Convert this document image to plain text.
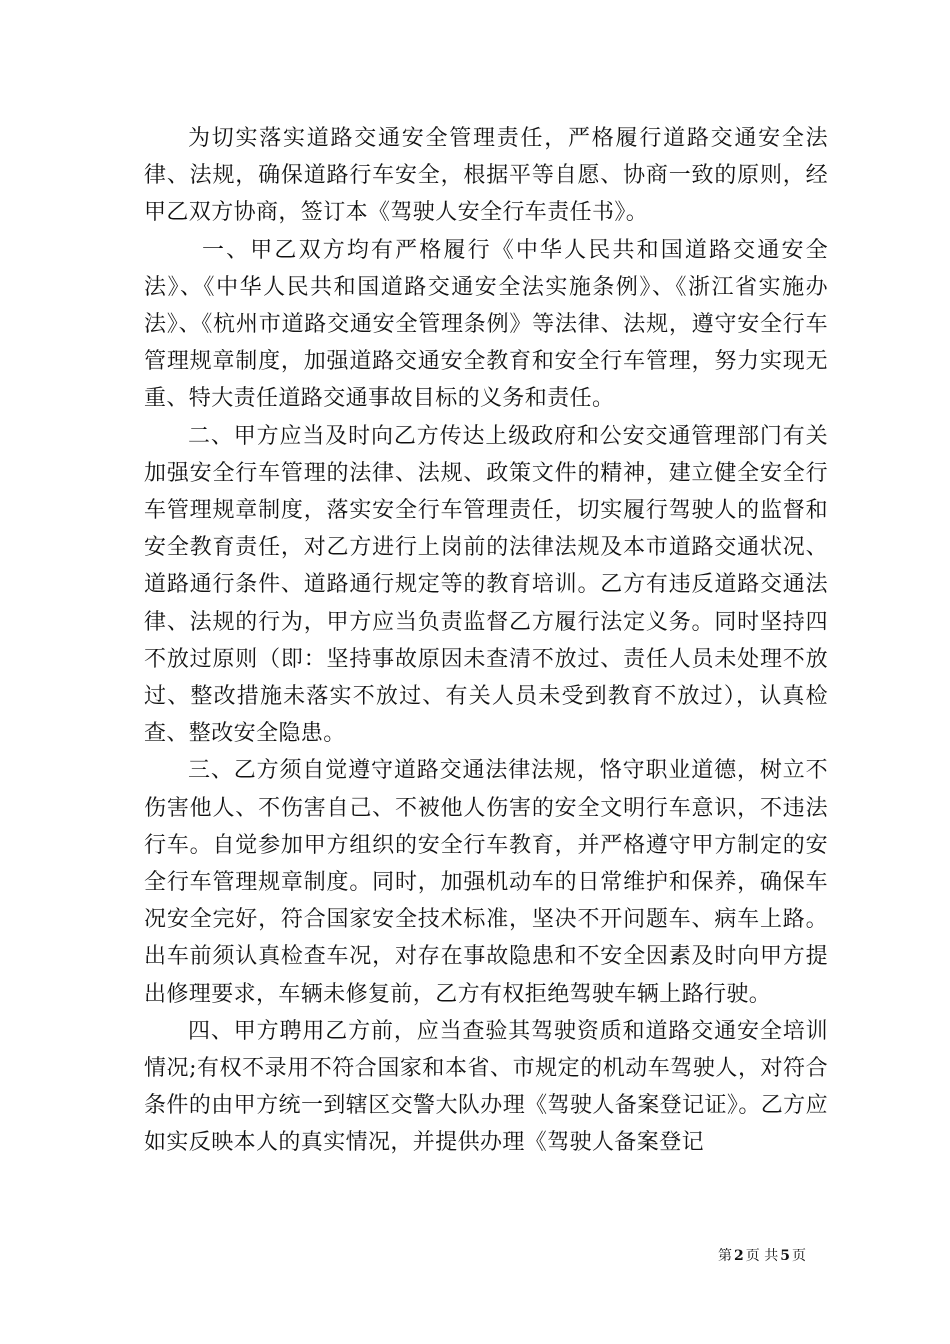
为切实落实道路交通安全管理责任，严格履行道路交通安全法律、法规，确保道路行车安全，根据平等自愿、协商一致的原则，经甲乙双方协商，签订本《驾驶人安全行车责任书》。

一、甲乙双方均有严格履行《中华人民共和国道路交通安全法》、《中华人民共和国道路交通安全法实施条例》、《浙江省实施办法》、《杭州市道路交通安全管理条例》等法律、法规，遵守安全行车管理规章制度，加强道路交通安全教育和安全行车管理，努力实现无重、特大责任道路交通事故目标的义务和责任。

二、甲方应当及时向乙方传达上级政府和公安交通管理部门有关加强安全行车管理的法律、法规、政策文件的精神，建立健全安全行车管理规章制度，落实安全行车管理责任，切实履行驾驶人的监督和安全教育责任，对乙方进行上岗前的法律法规及本市道路交通状况、道路通行条件、道路通行规定等的教育培训。乙方有违反道路交通法律、法规的行为，甲方应当负责监督乙方履行法定义务。同时坚持四不放过原则（即：坚持事故原因未查清不放过、责任人员未处理不放过、整改措施未落实不放过、有关人员未受到教育不放过），认真检查、整改安全隐患。

三、乙方须自觉遵守道路交通法律法规，恪守职业道德，树立不伤害他人、不伤害自己、不被他人伤害的安全文明行车意识，不违法行车。自觉参加甲方组织的安全行车教育，并严格遵守甲方制定的安全行车管理规章制度。同时，加强机动车的日常维护和保养，确保车况安全完好，符合国家安全技术标准，坚决不开问题车、病车上路。出车前须认真检查车况，对存在事故隐患和不安全因素及时向甲方提出修理要求，车辆未修复前，乙方有权拒绝驾驶车辆上路行驶。

四、甲方聘用乙方前，应当查验其驾驶资质和道路交通安全培训情况;有权不录用不符合国家和本省、市规定的机动车驾驶人，对符合条件的由甲方统一到辖区交警大队办理《驾驶人备案登记证》。乙方应如实反映本人的真实情况，并提供办理《驾驶人备案登记

第 2 页 共 5 页
